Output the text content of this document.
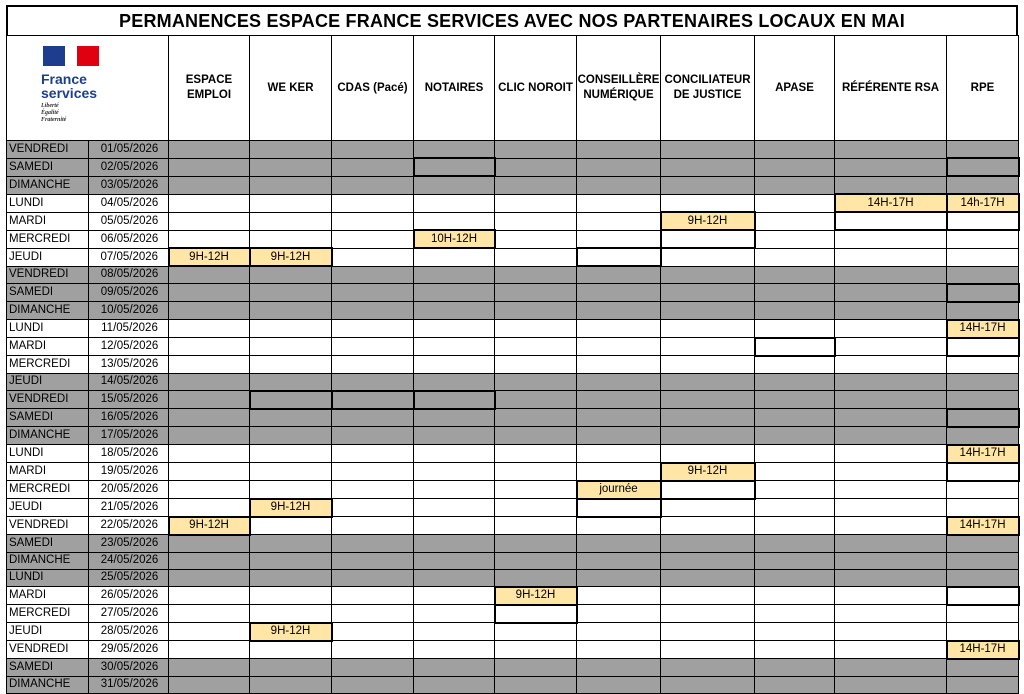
PERMANENCES ESPACE FRANCE SERVICES AVEC NOS PARTENAIRES LOCAUX EN MAI
France
services
Liberté
Égalité
Fraternité		ESPACE EMPLOI	WE KER	CDAS (Pacé)	NOTAIRES	CLIC NOROIT	CONSEILLÈRE NUMÉRIQUE	CONCILIATEUR DE JUSTICE	APASE	RÉFÉRENTE RSA	RPE
VENDREDI	01/05/2026										
SAMEDI	02/05/2026										
DIMANCHE	03/05/2026										
LUNDI	04/05/2026									14H-17H	14h-17H
MARDI	05/05/2026							9H-12H			
MERCREDI	06/05/2026				10H-12H						
JEUDI	07/05/2026	9H-12H	9H-12H								
VENDREDI	08/05/2026										
SAMEDI	09/05/2026										
DIMANCHE	10/05/2026										
LUNDI	11/05/2026										14H-17H
MARDI	12/05/2026										
MERCREDI	13/05/2026										
JEUDI	14/05/2026										
VENDREDI	15/05/2026										
SAMEDI	16/05/2026										
DIMANCHE	17/05/2026										
LUNDI	18/05/2026										14H-17H
MARDI	19/05/2026							9H-12H			
MERCREDI	20/05/2026						journée				
JEUDI	21/05/2026		9H-12H								
VENDREDI	22/05/2026	9H-12H									14H-17H
SAMEDI	23/05/2026										
DIMANCHE	24/05/2026										
LUNDI	25/05/2026										
MARDI	26/05/2026					9H-12H					
MERCREDI	27/05/2026										
JEUDI	28/05/2026		9H-12H								
VENDREDI	29/05/2026										14H-17H
SAMEDI	30/05/2026										
DIMANCHE	31/05/2026										
